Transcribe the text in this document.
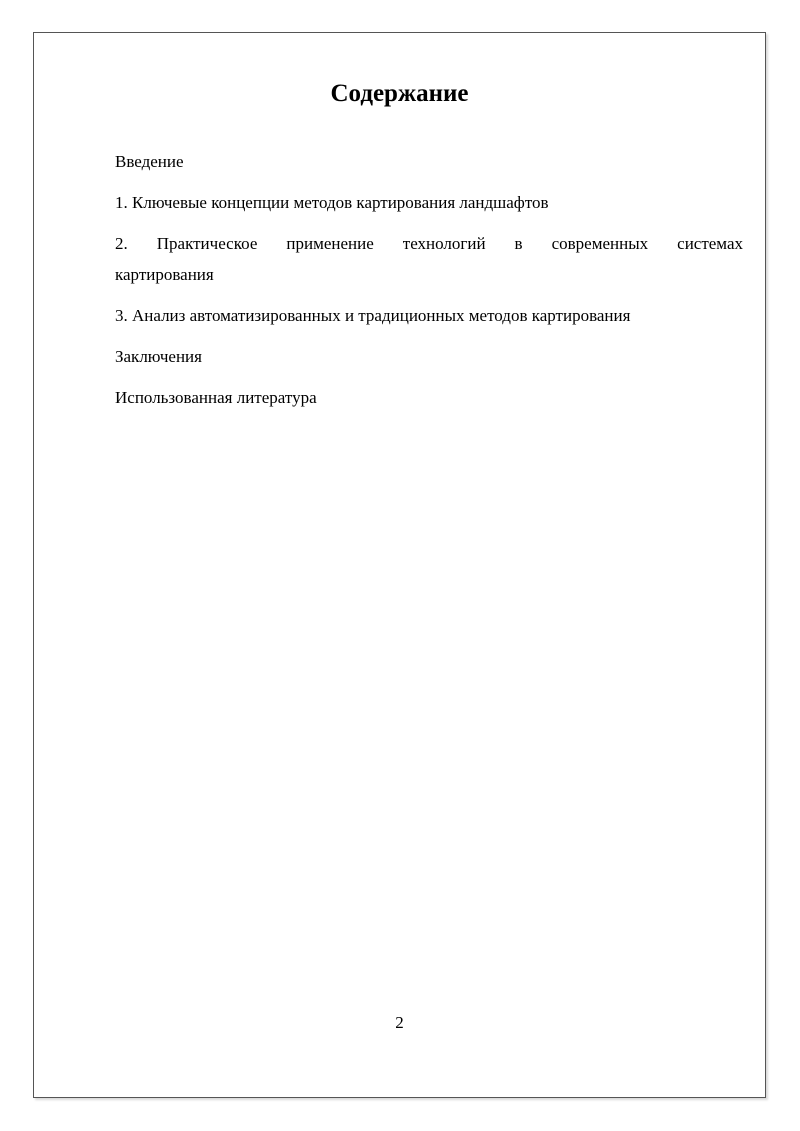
Содержание
Введение
1. Ключевые концепции методов картирования ландшафтов
2. Практическое применение технологий в современных системах
картирования
3. Анализ автоматизированных и традиционных методов картирования
Заключения
Использованная литература
2
